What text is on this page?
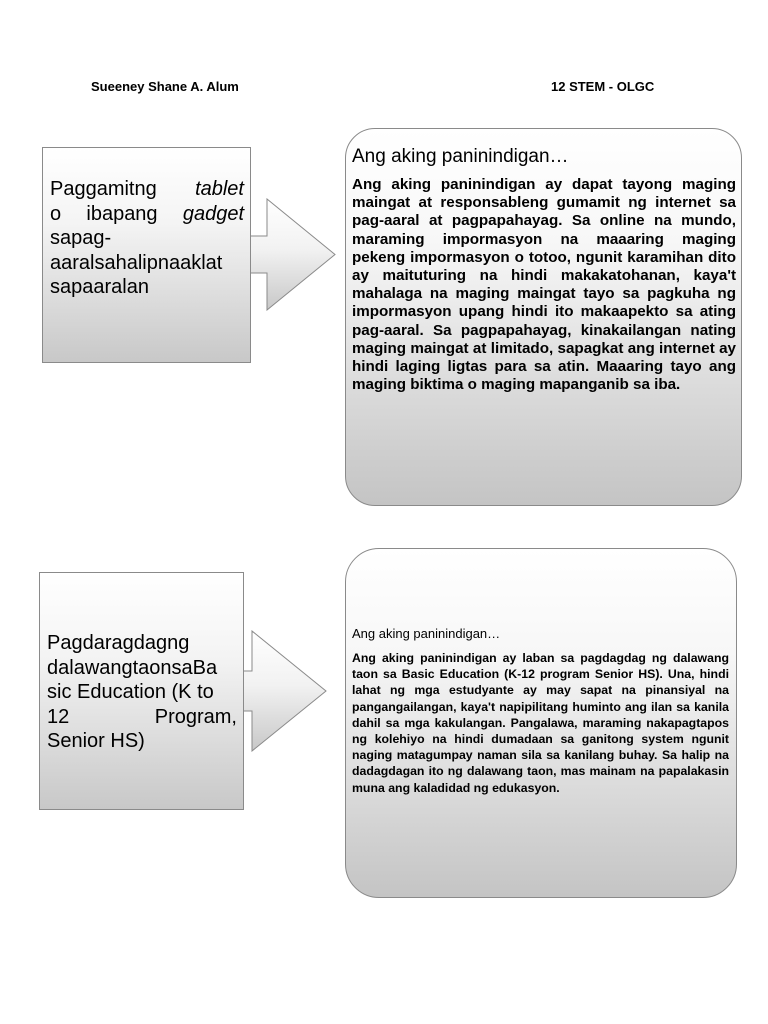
Sueeney Shane A. Alum	12 STEM - OLGC
Paggamitng tablet
o ibapang gadget
sapag-
aaralsahalipnaaklat
sapaaralan
Ang aking paninindigan…
Ang aking paninindigan ay dapat tayong maging maingat at responsableng gumamit ng internet sa pag-aaral at pagpapahayag. Sa online na mundo, maraming impormasyon na maaaring maging pekeng impormasyon o totoo, ngunit karamihan dito ay maituturing na hindi makakatohanan, kaya't mahalaga na maging maingat tayo sa pagkuha ng impormasyon upang hindi ito makaapekto sa ating pag-aaral. Sa pagpapahayag, kinakailangan nating maging maingat at limitado, sapagkat ang internet ay hindi laging ligtas para sa atin. Maaaring tayo ang maging biktima o maging mapanganib sa iba.
Pagdaragdagng
dalawangtaonsaBa
sic Education (K to
12 Program,
Senior HS)
Ang aking paninindigan…
Ang aking paninindigan ay laban sa pagdagdag ng dalawang taon sa Basic Education (K-12 program Senior HS). Una, hindi lahat ng mga estudyante ay may sapat na pinansiyal na pangangailangan, kaya't napipilitang huminto ang ilan sa kanila dahil sa mga kakulangan. Pangalawa, maraming nakapagtapos ng kolehiyo na hindi dumadaan sa ganitong system ngunit naging matagumpay naman sila sa kanilang buhay. Sa halip na dadagdagan ito ng dalawang taon, mas mainam na papalakasin muna ang kaladidad ng edukasyon.
